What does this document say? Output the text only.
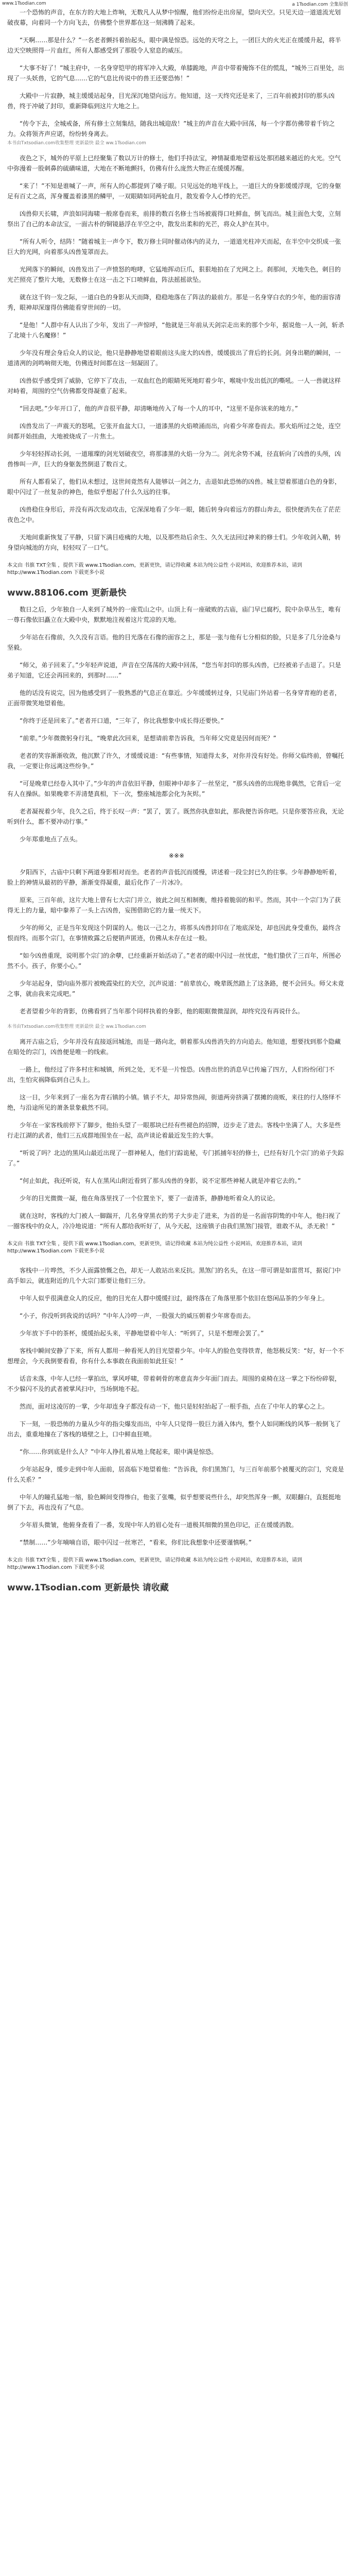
www.1Tsodian.com	a 1Tsodian.com 全集原创

一个恐怖的声音，在东方的大地上炸响，无数凡人从梦中惊醒，他们纷纷走出房屋，望向天空。只见天边一道道流光划破夜幕，向着同一个方向飞去，仿佛整个世界都在这一刻沸腾了起来。

“天啊……那是什么？”一名老者颤抖着抬起头，眼中满是惊恐。远处的天穹之上，一团巨大的火光正在缓缓升起，将半边天空映照得一片血红，所有人都感受到了那股令人窒息的威压。

“大事不好了！”城主府中，一名身穿铠甲的将军冲入大殿，单膝跪地，声音中带着掩饰不住的慌乱，“城外三百里处，出现了一头妖兽，它的气息……它的气息比传说中的兽王还要恐怖！”

大殿中一片寂静，城主缓缓站起身，目光深沉地望向远方。他知道，这一天终究还是来了，三百年前被封印的那头凶兽，终于冲破了封印，重新降临到这片大地之上。

“传令下去，全城戒备，所有修士立刻集结，随我出城迎敌！”城主的声音在大殿中回荡，每一个字都仿佛带着千钧之力。众将领齐声应诺，纷纷转身离去。

本书由Txtsodian.com收集整理 更新最快 最全 ww.1Tsodian.com

夜色之下，城外的平原上已经聚集了数以万计的修士，他们手持法宝，神情凝重地望着远处那团越来越近的火光。空气中弥漫着一股刺鼻的硫磺味道，大地在不断地颤抖，仿佛有什么庞然大物正在缓缓苏醒。

“来了！”不知是谁喊了一声，所有人的心都提到了嗓子眼。只见远处的地平线上，一道巨大的身影缓缓浮现，它的身躯足有百丈之高，浑身覆盖着漆黑的鳞甲，一双眼睛如同两轮血月，散发着令人心悸的光芒。

凶兽仰天长啸，声浪如同海啸一般席卷而来，前排的数百名修士当场被震得口吐鲜血，倒飞而出。城主面色大变，立刻祭出了自己的本命法宝，一面古朴的铜镜悬浮在半空之中，散发出柔和的光芒，将众人护在其中。

“所有人听令，结阵！”随着城主一声令下，数万修士同时催动体内的灵力，一道道光柱冲天而起，在半空中交织成一张巨大的光网，向着那头凶兽笼罩而去。

光网落下的瞬间，凶兽发出了一声愤怒的咆哮，它猛地挥动巨爪，狠狠地拍在了光网之上。刹那间，天地失色，刺目的光芒照亮了整片大地，无数修士在这一击之下口喷鲜血，阵法摇摇欲坠。

就在这千钧一发之际，一道白色的身影从天而降，稳稳地落在了阵法的最前方。那是一名身穿白衣的少年，他的面容清秀，眼神却深邃得仿佛能看穿世间的一切。

“是他！”人群中有人认出了少年，发出了一声惊呼，“他就是三年前从天剑宗走出来的那个少年，据说他一人一剑，斩杀了北境十八名魔修！”

少年没有理会身后众人的议论，他只是静静地望着眼前这头庞大的凶兽，缓缓拔出了背后的长剑。剑身出鞘的瞬间，一道清冽的剑鸣响彻天地，仿佛连时间都在这一刻凝固了。

凶兽似乎感受到了威胁，它停下了攻击，一双血红色的眼睛死死地盯着少年，喉咙中发出低沉的嘶吼。一人一兽就这样对峙着，周围的空气仿佛都变得凝重了起来。

“回去吧。”少年开口了，他的声音很平静，却清晰地传入了每一个人的耳中，“这里不是你该来的地方。”

凶兽发出了一声震天的怒吼，它张开血盆大口，一道漆黑的火焰喷涌而出，向着少年席卷而去。那火焰所过之处，连空间都开始扭曲，大地被烧成了一片焦土。

少年轻轻挥动长剑，一道璀璨的剑光划破夜空，将那漆黑的火焰一分为二。剑光余势不减，径直斩向了凶兽的头颅，凶兽惨叫一声，巨大的身躯轰然倒退了数百丈。

所有人都看呆了，他们从未想过，这世间竟然有人能够以一剑之力，击退如此恐怖的凶兽。城主望着那道白色的身影，眼中闪过了一丝复杂的神色，他似乎想起了什么久远的往事。

凶兽稳住身形后，并没有再次发动攻击，它深深地看了少年一眼，随后转身向着远方的群山奔去，很快便消失在了茫茫夜色之中。

天地间重新恢复了平静，只留下满目疮痍的大地，以及那些劫后余生、久久无法回过神来的修士们。少年收剑入鞘，转身望向城池的方向，轻轻叹了一口气。

本文由 书旗 TXT全集 ，提供下载 www.1Tsodian.com，更新更快，请记得收藏 本站为纯公益性 小说网站，欢迎推荐本站，请到 http://www.1Tsodian.com 下载更多小说

www.88106.com 更新最快

数日之后，少年独自一人来到了城外的一座荒山之中。山顶上有一座破败的古庙，庙门早已腐朽，院中杂草丛生，唯有一尊石像依旧矗立在大殿中央，默默地注视着这片荒凉的天地。

少年站在石像前，久久没有言语。他的目光落在石像的面容之上，那是一张与他有七分相似的脸，只是多了几分沧桑与坚毅。

“师父，弟子回来了。”少年轻声说道，声音在空荡荡的大殿中回荡，“您当年封印的那头凶兽，已经被弟子击退了。只是弟子知道，它还会再回来的，到那时……”

他的话没有说完，因为他感受到了一股熟悉的气息正在靠近。少年缓缓转过身，只见庙门外站着一名身穿青袍的老者，正面带微笑地望着他。

“你终于还是回来了。”老者开口道，“三年了，你比我想象中成长得还要快。”

“前辈。”少年微微躬身行礼，“晚辈此次回来，是想请前辈告诉我，当年师父究竟是因何而死？”

老者的笑容渐渐收敛，他沉默了许久，才缓缓说道：“有些事情，知道得太多，对你并没有好处。你师父临终前，曾嘱托我，一定要让你远离这些纷争。”

“可是晚辈已经卷入其中了。”少年的声音依旧平静，但眼神中却多了一丝坚定，“那头凶兽的出现绝非偶然，它背后一定有人在操纵。如果晚辈不弄清楚真相，下一次，整座城池都会化为灰烬。”

老者凝视着少年，良久之后，终于长叹一声：“罢了，罢了。既然你执意如此，那我便告诉你吧。只是你要答应我，无论听到什么，都不要冲动行事。”

少年郑重地点了点头。

※※※

夕阳西下，古庙中只剩下两道身影相对而坐。老者的声音低沉而缓慢，讲述着一段尘封已久的往事。少年静静地听着，脸上的神情从最初的平静，渐渐变得凝重，最后化作了一片冰冷。

原来，三百年前，这片大地上曾有七大宗门并立，彼此之间互相制衡，维持着脆弱的和平。然而，其中一个宗门为了获得无上的力量，暗中豢养了一头上古凶兽，妄图借助它的力量一统天下。

少年的师父，正是当年发现这个阴谋的人。他以一己之力，将那头凶兽封印在了地底深处，却也因此身受重伤，最终含恨而终。而那个宗门，在事情败露之后便销声匿迹，仿佛从未存在过一般。

“如今凶兽重现，说明那个宗门的余孽，已经重新开始活动了。”老者的眼中闪过一丝忧虑，“他们蛰伏了三百年，所图必然不小。孩子，你要小心。”

少年站起身，望向庙外那片被晚霞染红的天空，沉声说道：“前辈放心，晚辈既然踏上了这条路，便不会回头。师父未竟之事，就由我来完成吧。”

老者望着少年的背影，仿佛看到了当年那个同样执着的身影，他的眼眶微微湿润，却终究没有再说什么。

本书由Txtsodian.com收集整理 更新最快 最全 ww.1Tsodian.com

离开古庙之后，少年并没有直接返回城池，而是一路向北，朝着那头凶兽消失的方向追去。他知道，想要找到那个隐藏在暗处的宗门，凶兽便是唯一的线索。

一路上，他经过了许多村庄和城镇，所到之处，无不是一片惶恐。凶兽出世的消息早已传遍了四方，人们纷纷闭门不出，生怕灾祸降临到自己头上。

这一日，少年来到了一座名为青石镇的小镇。镇子不大，却异常热闹，街道两旁挤满了摆摊的商贩，来往的行人络绎不绝，与沿途所见的萧条景象截然不同。

少年在一家客栈前停下了脚步，他抬头望了一眼那块已经有些褪色的招牌，迈步走了进去。客栈中坐满了人，大多是些行走江湖的武者，他们三五成群地围坐在一起，高声谈论着最近发生的大事。

“听说了吗？北边的黑风山最近出现了一群神秘人，他们行踪诡秘，专门抓捕年轻的修士，已经有好几个宗门的弟子失踪了。”

“何止如此，我还听说，有人在黑风山附近看到了那头凶兽的身影，说不定那些神秘人就是冲着它去的。”

少年的目光微微一凝，他在角落里找了一个位置坐下，要了一壶清茶，静静地听着众人的议论。

就在这时，客栈的大门被人一脚踹开，几名身穿黑衣的男子大步走了进来，为首的是一名面容阴鸷的中年人，他扫视了一圈客栈中的众人，冷冷地说道：“所有人都给我听好了，从今天起，这座镇子由我们黑煞门接管，谁敢不从，杀无赦！”

本文由 书旗 TXT全集 ，提供下载 www.1Tsodian.com，更新更快，请记得收藏 本站为纯公益性 小说网站，欢迎推荐本站，请到 http://www.1Tsodian.com 下载更多小说

客栈中一片哗然，不少人面露愤慨之色，却无一人敢站出来反抗。黑煞门的名头，在这一带可谓是如雷贯耳，据说门中高手如云，就连附近的几个大宗门都要让他们三分。

中年人似乎很满意众人的反应，他的目光在人群中缓缓扫过，最终落在了角落里那个依旧在悠闲品茶的少年身上。

“小子，你没听到我说的话吗？”中年人冷哼一声，一股强大的威压朝着少年席卷而去。

少年放下手中的茶杯，缓缓抬起头来，平静地望着中年人：“听到了，只是不想理会罢了。”

客栈中瞬间安静了下来，所有人都用一种看死人的目光望着少年。中年人的脸色变得铁青，他怒极反笑：“好，好一个不想理会，今天我倒要看看，你有什么本事敢在我面前如此狂妄！”

话音未落，中年人已经一掌拍出，掌风呼啸，带着刺骨的寒意直奔少年面门而去。周围的桌椅在这一掌之下纷纷碎裂，不少躲闪不及的武者被掌风扫中，当场倒地不起。

然而，面对这凌厉的一掌，少年却连身子都没有动一下，他只是轻轻抬起了一根手指，点在了中年人的掌心之上。

下一刻，一股恐怖的力量从少年的指尖爆发而出，中年人只觉得一股巨力涌入体内，整个人如同断线的风筝一般倒飞了出去，重重地撞在了客栈的墙壁之上，口中鲜血狂喷。

“你……你到底是什么人？”中年人挣扎着从地上爬起来，眼中满是惊恐。

少年站起身，缓步走到中年人面前，居高临下地望着他：“告诉我，你们黑煞门，与三百年前那个被覆灭的宗门，究竟是什么关系？”

中年人的瞳孔猛地一缩，脸色瞬间变得惨白，他张了张嘴，似乎想要说些什么，却突然浑身一颤，双眼翻白，直挺挺地倒了下去，再也没有了气息。

少年眉头微皱，他俯身查看了一番，发现中年人的眉心处有一道极其细微的黑色印记，正在缓缓消散。

“禁制……”少年喃喃自语，眼中闪过一丝寒芒，“看来，你们比我想象中还要谨慎啊。”

本文由 书旗 TXT全集 ，提供下载 www.1Tsodian.com，更新更快，请记得收藏 本站为纯公益性 小说网站，欢迎推荐本站，请到 http://www.1Tsodian.com 下载更多小说

www.1Tsodian.com 更新最快 请收藏
